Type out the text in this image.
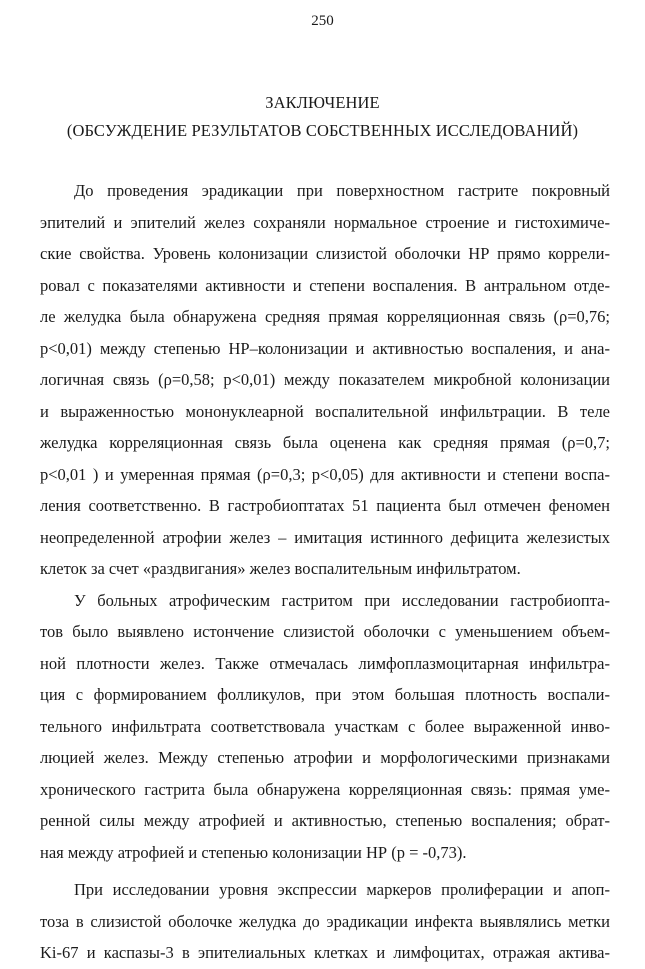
250
ЗАКЛЮЧЕНИЕ
(ОБСУЖДЕНИЕ РЕЗУЛЬТАТОВ СОБСТВЕННЫХ ИССЛЕДОВАНИЙ)
До проведения эрадикации при поверхностном гастрите покровный
эпителий и эпителий желез сохраняли нормальное строение и гистохимиче-
ские свойства. Уровень колонизации слизистой оболочки НР прямо коррели-
ровал с показателями активности и степени воспаления. В антральном отде-
ле желудка была обнаружена средняя прямая корреляционная связь (ρ=0,76;
p<0,01) между степенью НР–колонизации и активностью воспаления, и ана-
логичная связь (ρ=0,58; p<0,01) между показателем микробной колонизации
и выраженностью мононуклеарной воспалительной инфильтрации. В теле
желудка корреляционная связь была оценена как средняя прямая (ρ=0,7;
p<0,01 ) и умеренная прямая (ρ=0,3; p<0,05) для активности и степени воспа-
ления соответственно. В гастробиоптатах 51 пациента был отмечен феномен
неопределенной атрофии желез – имитация истинного дефицита железистых
клеток за счет «раздвигания» желез воспалительным инфильтратом.
У больных атрофическим гастритом при исследовании гастробиопта-
тов было выявлено истончение слизистой оболочки с уменьшением объем-
ной плотности желез. Также отмечалась лимфоплазмоцитарная инфильтра-
ция с формированием фолликулов, при этом большая плотность воспали-
тельного инфильтрата соответствовала участкам с более выраженной инво-
люцией желез. Между степенью атрофии и морфологическими признаками
хронического гастрита была обнаружена корреляционная связь: прямая уме-
ренной силы между атрофией и активностью, степенью воспаления; обрат-
ная между атрофией и степенью колонизации НР (p = -0,73).
При исследовании уровня экспрессии маркеров пролиферации и апоп-
тоза в слизистой оболочке желудка до эрадикации инфекта выявлялись метки
Ki-67 и каспазы-3 в эпителиальных клетках и лимфоцитах, отражая актива-
